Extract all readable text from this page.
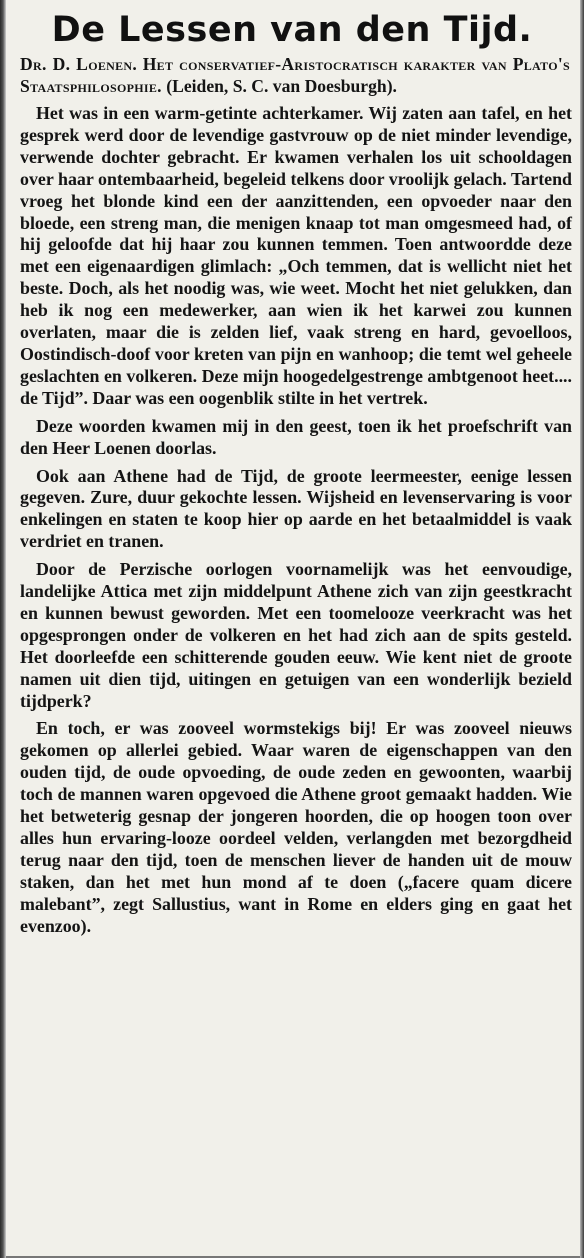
De Lessen van den Tijd.
Dr. D. Loenen. Het conservatief-Aristocratisch karakter van Plato's Staatsphilosophie. (Leiden, S. C. van Doesburgh).

Het was in een warm-getinte achterkamer. Wij zaten aan tafel, en het gesprek werd door de levendige gastvrouw op de niet minder levendige, verwende dochter gebracht. Er kwamen verhalen los uit schooldagen over haar ontembaarheid, begeleid telkens door vroolijk gelach. Tartend vroeg het blonde kind een der aanzittenden, een opvoeder naar den bloede, een streng man, die menigen knaap tot man omgesmeed had, of hij geloofde dat hij haar zou kunnen temmen. Toen antwoordde deze met een eigenaardigen glimlach: „Och temmen, dat is wellicht niet het beste. Doch, als het noodig was, wie weet. Mocht het niet gelukken, dan heb ik nog een medewerker, aan wien ik het karwei zou kunnen overlaten, maar die is zelden lief, vaak streng en hard, gevoelloos, Oostindisch-doof voor kreten van pijn en wanhoop; die temt wel geheele geslachten en volkeren. Deze mijn hoogedelgestrenge ambtgenoot heet.... de Tijd”. Daar was een oogenblik stilte in het vertrek.

Deze woorden kwamen mij in den geest, toen ik het proefschrift van den Heer Loenen doorlas.

Ook aan Athene had de Tijd, de groote leermeester, eenige lessen gegeven. Zure, duur gekochte lessen. Wijsheid en levenservaring is voor enkelingen en staten te koop hier op aarde en het betaalmiddel is vaak verdriet en tranen.

Door de Perzische oorlogen voornamelijk was het eenvoudige, landelijke Attica met zijn middelpunt Athene zich van zijn geestkracht en kunnen bewust geworden. Met een toomelooze veerkracht was het opgesprongen onder de volkeren en het had zich aan de spits gesteld. Het doorleefde een schitterende gouden eeuw. Wie kent niet de groote namen uit dien tijd, uitingen en getuigen van een wonderlijk bezield tijdperk?

En toch, er was zooveel wormstekigs bij! Er was zooveel nieuws gekomen op allerlei gebied. Waar waren de eigenschappen van den ouden tijd, de oude opvoeding, de oude zeden en gewoonten, waarbij toch de mannen waren opgevoed die Athene groot gemaakt hadden. Wie het betweterig gesnap der jongeren hoorden, die op hoogen toon over alles hun ervaring-looze oordeel velden, verlangden met bezorgdheid terug naar den tijd, toen de menschen liever de handen uit de mouw staken, dan het met hun mond af te doen („facere quam dicere malebant”, zegt Sallustius, want in Rome en elders ging en gaat het evenzoo).
